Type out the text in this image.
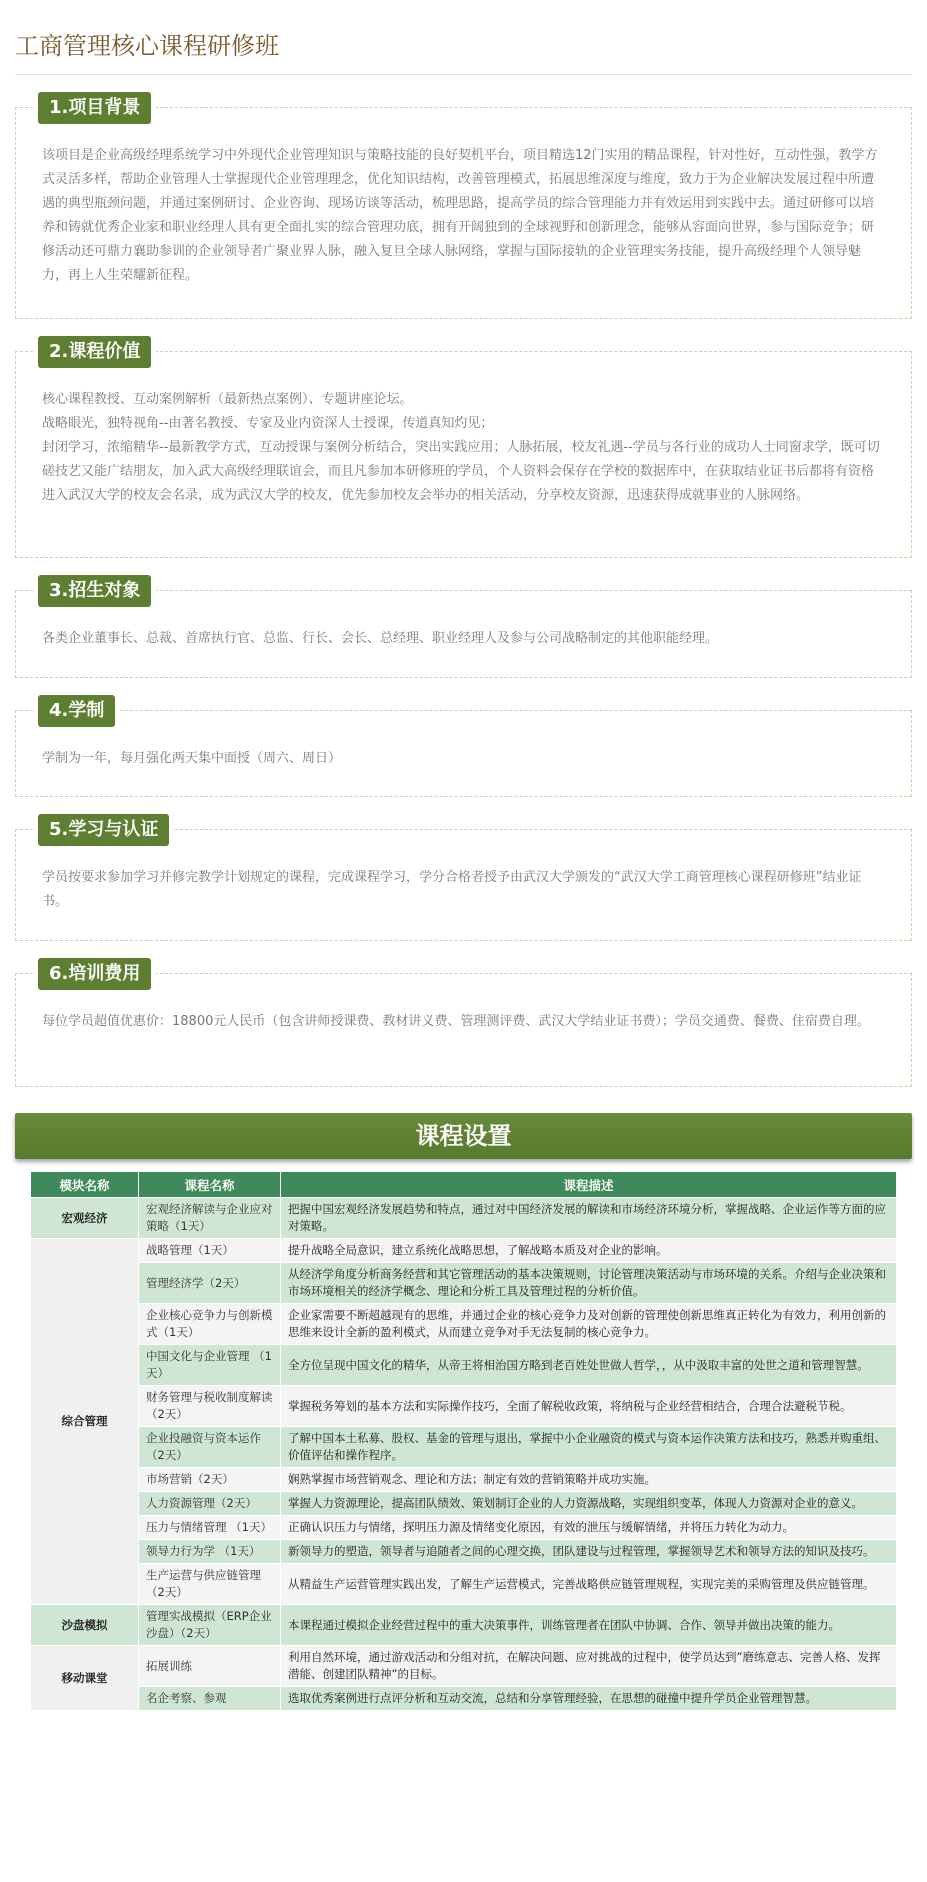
工商管理核心课程研修班
该项目是企业高级经理系统学习中外现代企业管理知识与策略技能的良好契机平台，项目精选12门实用的精品课程，针对性好，互动性强，教学方式灵活多样，帮助企业管理人士掌握现代企业管理理念，优化知识结构，改善管理模式，拓展思维深度与维度，致力于为企业解决发展过程中所遭遇的典型瓶颈问题，并通过案例研讨、企业咨询、现场访谈等活动，梳理思路，提高学员的综合管理能力并有效运用到实践中去。通过研修可以培养和铸就优秀企业家和职业经理人具有更全面扎实的综合管理功底，拥有开阔独到的全球视野和创新理念，能够从容面向世界，参与国际竞争；研修活动还可鼎力襄助参训的企业领导者广聚业界人脉，融入复旦全球人脉网络，掌握与国际接轨的企业管理实务技能，提升高级经理个人领导魅力，再上人生荣耀新征程。
1.项目背景
核心课程教授、互动案例解析（最新热点案例）、专题讲座论坛。
战略眼光，独特视角--由著名教授、专家及业内资深人士授课，传道真知灼见；
封闭学习，浓缩精华--最新教学方式，互动授课与案例分析结合，突出实践应用；人脉拓展，校友礼遇--学员与各行业的成功人士同窗求学，既可切磋技艺又能广结朋友，加入武大高级经理联谊会，而且凡参加本研修班的学员，个人资料会保存在学校的数据库中，在获取结业证书后都将有资格进入武汉大学的校友会名录，成为武汉大学的校友，优先参加校友会举办的相关活动，分享校友资源，迅速获得成就事业的人脉网络。
2.课程价值
各类企业董事长、总裁、首席执行官、总监、行长、会长、总经理、职业经理人及参与公司战略制定的其他职能经理。
3.招生对象
学制为一年，每月强化两天集中面授（周六、周日）
4.学制
学员按要求参加学习并修完教学计划规定的课程，完成课程学习，学分合格者授予由武汉大学颁发的“武汉大学工商管理核心课程研修班”结业证书。
5.学习与认证
每位学员超值优惠价：18800元人民币（包含讲师授课费、教材讲义费、管理测评费、武汉大学结业证书费）；学员交通费、餐费、住宿费自理。
6.培训费用
课程设置
模块名称	课程名称	课程描述
宏观经济	宏观经济解读与企业应对策略（1天）	把握中国宏观经济发展趋势和特点，通过对中国经济发展的解读和市场经济环境分析，掌握战略、企业运作等方面的应对策略。
综合管理	战略管理（1天）	提升战略全局意识，建立系统化战略思想，了解战略本质及对企业的影响。
	管理经济学（2天）	从经济学角度分析商务经营和其它管理活动的基本决策规则，讨论管理决策活动与市场环境的关系。介绍与企业决策和市场环境相关的经济学概念、理论和分析工具及管理过程的分析价值。
	企业核心竞争力与创新模式（1天）	企业家需要不断超越现有的思维，并通过企业的核心竞争力及对创新的管理使创新思维真正转化为有效力，利用创新的思维来设计全新的盈利模式，从而建立竞争对手无法复制的核心竞争力。
	中国文化与企业管理 （1天）	全方位呈现中国文化的精华，从帝王将相治国方略到老百姓处世做人哲学，，从中汲取丰富的处世之道和管理智慧。
	财务管理与税收制度解读（2天）	掌握税务筹划的基本方法和实际操作技巧，全面了解税收政策，将纳税与企业经营相结合，合理合法避税节税。
	企业投融资与资本运作（2天）	了解中国本土私募、股权、基金的管理与退出，掌握中小企业融资的模式与资本运作决策方法和技巧，熟悉并购重组、价值评估和操作程序。
	市场营销（2天）	娴熟掌握市场营销观念、理论和方法；制定有效的营销策略并成功实施。
	人力资源管理（2天）	掌握人力资源理论，提高团队绩效、策划制订企业的人力资源战略，实现组织变革，体现人力资源对企业的意义。
	压力与情绪管理 （1天）	正确认识压力与情绪，探明压力源及情绪变化原因，有效的泄压与缓解情绪，并将压力转化为动力。
	领导力行为学 （1天）	新领导力的塑造，领导者与追随者之间的心理交换，团队建设与过程管理，掌握领导艺术和领导方法的知识及技巧。
	生产运营与供应链管理（2天）	从精益生产运营管理实践出发，了解生产运营模式，完善战略供应链管理规程，实现完美的采购管理及供应链管理。
沙盘模拟	管理实战模拟（ERP企业沙盘）（2天）	本课程通过模拟企业经营过程中的重大决策事件，训练管理者在团队中协调、合作、领导并做出决策的能力。
移动课堂	拓展训练	利用自然环境，通过游戏活动和分组对抗，在解决问题、应对挑战的过程中，使学员达到”磨练意志、完善人格、发挥潜能、创建团队精神”的目标。
	名企考察、参观	选取优秀案例进行点评分析和互动交流，总结和分享管理经验，在思想的碰撞中提升学员企业管理智慧。
